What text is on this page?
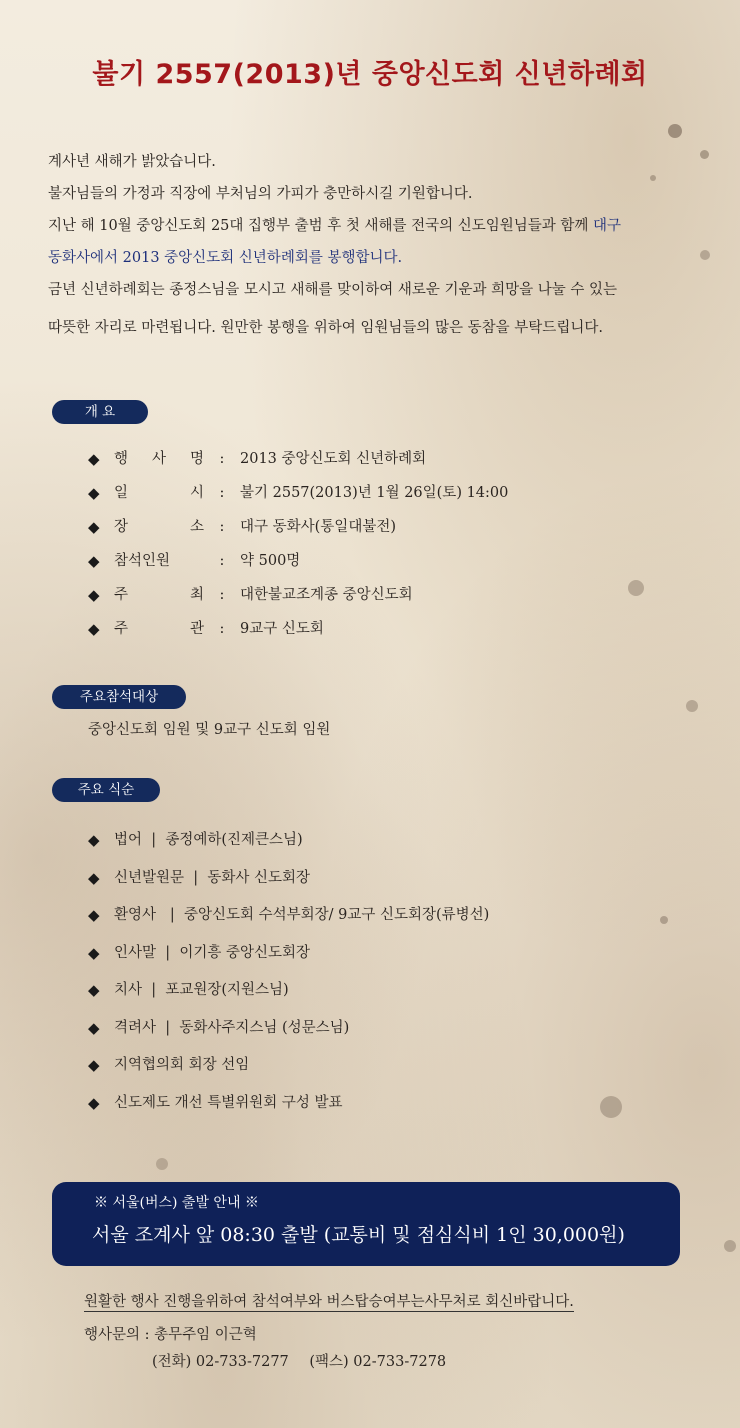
불기 2557(2013)년 중앙신도회 신년하례회

계사년 새해가 밝았습니다.

불자님들의 가정과 직장에 부처님의 가피가 충만하시길 기원합니다.

지난 해 10월 중앙신도회 25대 집행부 출범 후 첫 새해를 전국의 신도임원님들과 함께 대구

동화사에서 2013 중앙신도회 신년하례회를 봉행합니다.

금년 신년하례회는 종정스님을 모시고 새해를 맞이하여 새로운 기운과 희망을 나눌 수 있는

따뜻한 자리로 마련됩니다. 원만한 봉행을 위하여 임원님들의 많은 동참을 부탁드립니다.

개 요
◆ 행 사 명	:	2013 중앙신도회 신년하례회
◆ 일	시	:	불기 2557(2013)년 1월 26일(토) 14:00
◆ 장	소	:	대구 동화사(통일대불전)
◆ 참석인원	:	약 500명
◆ 주	최	:	대한불교조계종 중앙신도회
◆ 주	관	:	9교구 신도회
주요참석대상
중앙신도회 임원 및 9교구 신도회 임원
주요 식순
◆ 법어  |  종정예하(진제큰스님)
◆ 신년발원문  |  동화사 신도회장
◆ 환영사   |  중앙신도회 수석부회장/ 9교구 신도회장(류병선)
◆ 인사말  |  이기흥 중앙신도회장
◆ 치사  |  포교원장(지원스님)
◆ 격려사  |  동화사주지스님 (성문스님)
◆ 지역협의회 회장 선임
◆ 신도제도 개선 특별위원회 구성 발표
※ 서울(버스) 출발 안내 ※
서울 조계사 앞 08:30 출발 (교통비 및 점심식비 1인 30,000원)
원활한 행사 진행을위하여 참석여부와 버스탑승여부는사무처로 회신바랍니다.
행사문의 : 총무주임 이근혁
(전화) 02-733-7277 (팩스) 02-733-7278
